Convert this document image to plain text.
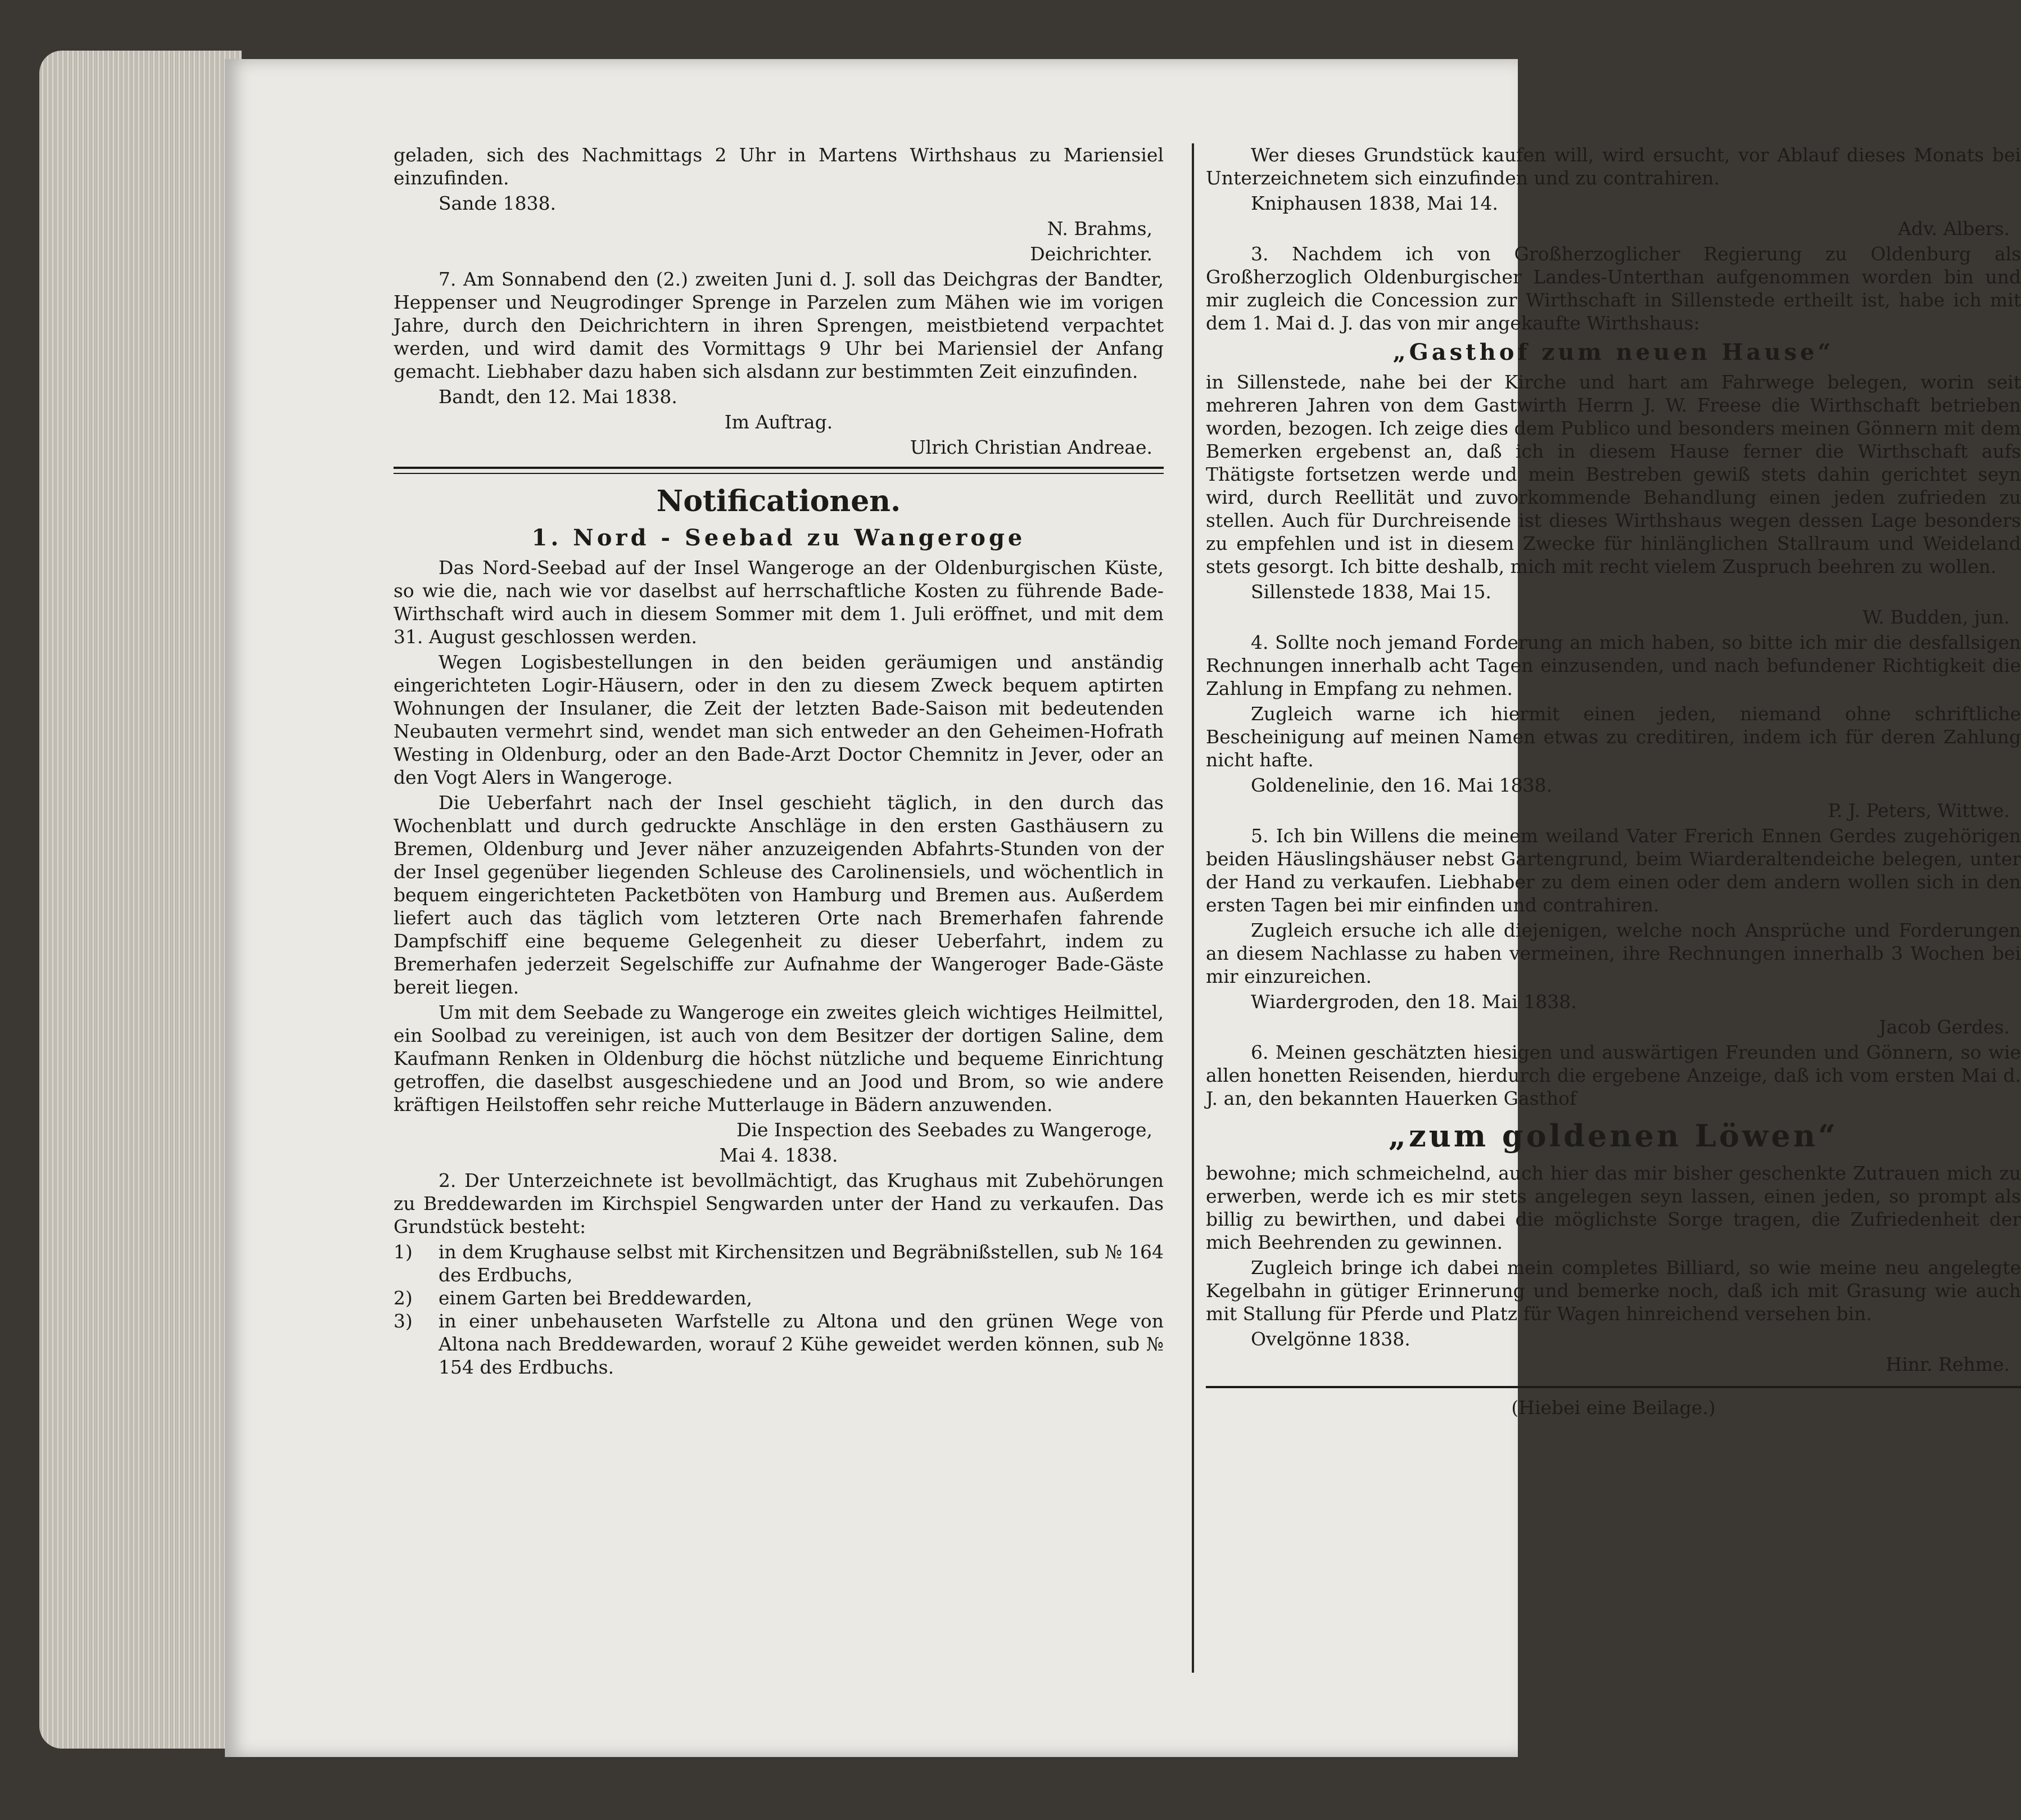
geladen, sich des Nachmittags 2 Uhr in Martens Wirthshaus zu Mariensiel einzufinden.

Sande 1838.

N. Brahms,

Deichrichter.

7. Am Sonnabend den (2.) zweiten Juni d. J. soll das Deichgras der Bandter, Heppenser und Neugrodinger Sprenge in Parzelen zum Mähen wie im vorigen Jahre, durch den Deichrichtern in ihren Sprengen, meistbietend verpachtet werden, und wird damit des Vormittags 9 Uhr bei Mariensiel der Anfang gemacht. Liebhaber dazu haben sich alsdann zur bestimmten Zeit einzufinden.

Bandt, den 12. Mai 1838.

Im Auftrag.

Ulrich Christian Andreae.

Notificationen.
1. Nord - Seebad zu Wangeroge

Das Nord-Seebad auf der Insel Wangeroge an der Oldenburgischen Küste, so wie die, nach wie vor daselbst auf herrschaftliche Kosten zu führende Bade-Wirthschaft wird auch in diesem Sommer mit dem 1. Juli eröffnet, und mit dem 31. August geschlossen werden.

Wegen Logisbestellungen in den beiden geräumigen und anständig eingerichteten Logir-Häusern, oder in den zu diesem Zweck bequem aptirten Wohnungen der Insulaner, die Zeit der letzten Bade-Saison mit bedeutenden Neubauten vermehrt sind, wendet man sich entweder an den Geheimen-Hofrath Westing in Oldenburg, oder an den Bade-Arzt Doctor Chemnitz in Jever, oder an den Vogt Alers in Wangeroge.

Die Ueberfahrt nach der Insel geschieht täglich, in den durch das Wochenblatt und durch gedruckte Anschläge in den ersten Gasthäusern zu Bremen, Oldenburg und Jever näher anzuzeigenden Abfahrts-Stunden von der der Insel gegenüber liegenden Schleuse des Carolinensiels, und wöchentlich in bequem eingerichteten Packetböten von Hamburg und Bremen aus. Außerdem liefert auch das täglich vom letzteren Orte nach Bremerhafen fahrende Dampfschiff eine bequeme Gelegenheit zu dieser Ueberfahrt, indem zu Bremerhafen jederzeit Segelschiffe zur Aufnahme der Wangeroger Bade-Gäste bereit liegen.

Um mit dem Seebade zu Wangeroge ein zweites gleich wichtiges Heilmittel, ein Soolbad zu vereinigen, ist auch von dem Besitzer der dortigen Saline, dem Kaufmann Renken in Oldenburg die höchst nützliche und bequeme Einrichtung getroffen, die daselbst ausgeschiedene und an Jood und Brom, so wie andere kräftigen Heilstoffen sehr reiche Mutterlauge in Bädern anzuwenden.

Die Inspection des Seebades zu Wangeroge,

Mai 4. 1838.

2. Der Unterzeichnete ist bevollmächtigt, das Krughaus mit Zubehörungen zu Breddewarden im Kirchspiel Sengwarden unter der Hand zu verkaufen. Das Grundstück besteht:

1)	in dem Krughause selbst mit Kirchensitzen und Begräbnißstellen, sub № 164 des Erdbuchs,
2)	einem Garten bei Breddewarden,
3)	in einer unbehauseten Warfstelle zu Altona und den grünen Wege von Altona nach Breddewarden, worauf 2 Kühe geweidet werden können, sub № 154 des Erdbuchs.

Wer dieses Grundstück kaufen will, wird ersucht, vor Ablauf dieses Monats bei Unterzeichnetem sich einzufinden und zu contrahiren.

Kniphausen 1838, Mai 14.

Adv. Albers.

3. Nachdem ich von Großherzoglicher Regierung zu Oldenburg als Großherzoglich Oldenburgischer Landes-Unterthan aufgenommen worden bin und mir zugleich die Concession zur Wirthschaft in Sillenstede ertheilt ist, habe ich mit dem 1. Mai d. J. das von mir angekaufte Wirthshaus:

„Gasthof zum neuen Hause“

in Sillenstede, nahe bei der Kirche und hart am Fahrwege belegen, worin seit mehreren Jahren von dem Gastwirth Herrn J. W. Freese die Wirthschaft betrieben worden, bezogen. Ich zeige dies dem Publico und besonders meinen Gönnern mit dem Bemerken ergebenst an, daß ich in diesem Hause ferner die Wirthschaft aufs Thätigste fortsetzen werde und mein Bestreben gewiß stets dahin gerichtet seyn wird, durch Reellität und zuvorkommende Behandlung einen jeden zufrieden zu stellen. Auch für Durchreisende ist dieses Wirthshaus wegen dessen Lage besonders zu empfehlen und ist in diesem Zwecke für hinlänglichen Stallraum und Weideland stets gesorgt. Ich bitte deshalb, mich mit recht vielem Zuspruch beehren zu wollen.

Sillenstede 1838, Mai 15.

W. Budden, jun.

4. Sollte noch jemand Forderung an mich haben, so bitte ich mir die desfallsigen Rechnungen innerhalb acht Tagen einzusenden, und nach befundener Richtigkeit die Zahlung in Empfang zu nehmen.

Zugleich warne ich hiermit einen jeden, niemand ohne schriftliche Bescheinigung auf meinen Namen etwas zu creditiren, indem ich für deren Zahlung nicht hafte.

Goldenelinie, den 16. Mai 1838.

P. J. Peters, Wittwe.

5. Ich bin Willens die meinem weiland Vater Frerich Ennen Gerdes zugehörigen beiden Häuslingshäuser nebst Gartengrund, beim Wiarderaltendeiche belegen, unter der Hand zu verkaufen. Liebhaber zu dem einen oder dem andern wollen sich in den ersten Tagen bei mir einfinden und contrahiren.

Zugleich ersuche ich alle diejenigen, welche noch Ansprüche und Forderungen an diesem Nachlasse zu haben vermeinen, ihre Rechnungen innerhalb 3 Wochen bei mir einzureichen.

Wiardergroden, den 18. Mai 1838.

Jacob Gerdes.

6. Meinen geschätzten hiesigen und auswärtigen Freunden und Gönnern, so wie allen honetten Reisenden, hierdurch die ergebene Anzeige, daß ich vom ersten Mai d. J. an, den bekannten Hauerken Gasthof

„zum goldenen Löwen“

bewohne; mich schmeichelnd, auch hier das mir bisher geschenkte Zutrauen mich zu erwerben, werde ich es mir stets angelegen seyn lassen, einen jeden, so prompt als billig zu bewirthen, und dabei die möglichste Sorge tragen, die Zufriedenheit der mich Beehrenden zu gewinnen.

Zugleich bringe ich dabei mein completes Billiard, so wie meine neu angelegte Kegelbahn in gütiger Erinnerung und bemerke noch, daß ich mit Grasung wie auch mit Stallung für Pferde und Platz für Wagen hinreichend versehen bin.

Ovelgönne 1838.

Hinr. Rehme.

(Hiebei eine Beilage.)
